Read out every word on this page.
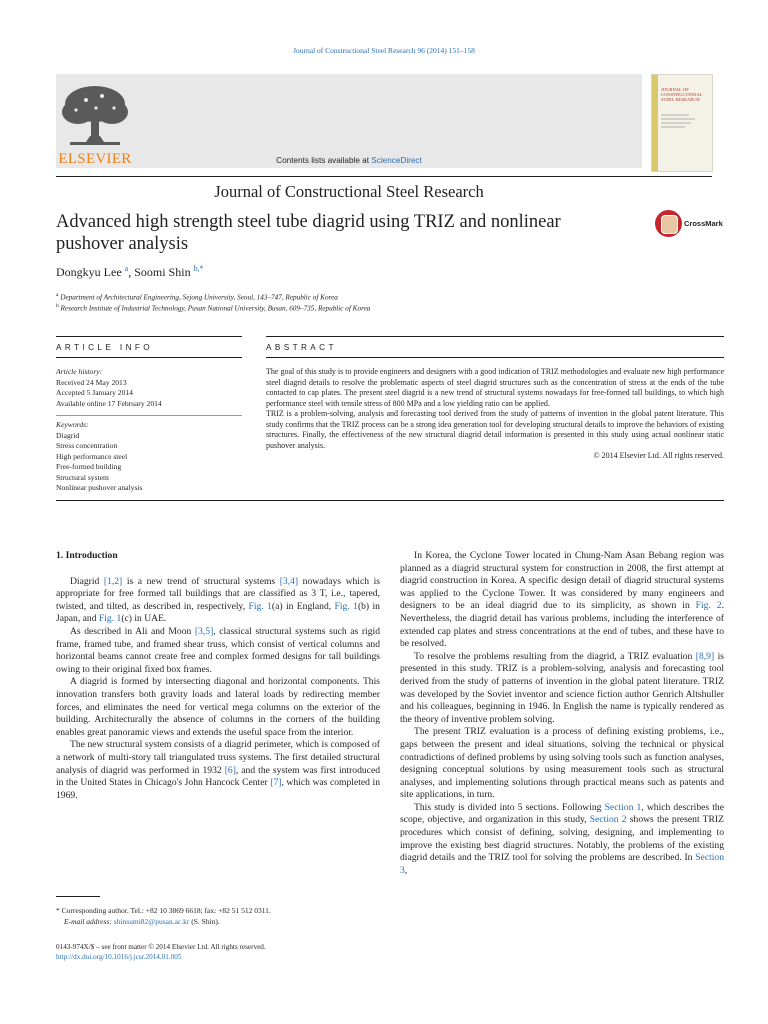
Journal of Constructional Steel Research 96 (2014) 151–158
Contents lists available at ScienceDirect
Journal of Constructional Steel Research
ELSEVIER
JOURNAL OF CONSTRUCTIONAL STEEL RESEARCH
Advanced high strength steel tube diagrid using TRIZ and nonlinear pushover analysis
CrossMark
Dongkyu Lee $^a$, Soomi Shin $^{b,*}$
$^a$ Department of Architectural Engineering, Sejong University, Seoul, 143–747, Republic of Korea
$^b$ Research Institute of Industrial Technology, Pusan National University, Busan, 609–735, Republic of Korea
ARTICLE INFO	ABSTRACT
Article history:
Received 24 May 2013
Accepted 5 January 2014
Available online 17 February 2014
Keywords:
Diagrid
Stress concentration
High performance steel
Free-formed building
Structural system
Nonlinear pushover analysis

The goal of this study is to provide engineers and designers with a good indication of TRIZ methodologies and evaluate new high performance steel diagrid details to resolve the problematic aspects of steel diagrid structures such as the concentration of stress at the ends of the tube contacted to cap plates. The present steel diagrid is a new trend of structural systems nowadays for free-formed tall buildings, to which high performance steel with tensile stress of 800 MPa and a low yielding ratio can be applied.

TRIZ is a problem-solving, analysis and forecasting tool derived from the study of patterns of invention in the global patent literature. This study confirms that the TRIZ process can be a strong idea generation tool for developing structural details to improve the behaviors of existing structures. Finally, the effectiveness of the new structural diagrid detail information is presented in this study using actual nonlinear static pushover analysis.

© 2014 Elsevier Ltd. All rights reserved.

1. Introduction

Diagrid [1,2] is a new trend of structural systems [3,4] nowadays which is appropriate for free formed tall buildings that are classified as 3 T, i.e., tapered, twisted, and tilted, as described in, respectively, Fig. 1(a) in England, Fig. 1(b) in Japan, and Fig. 1(c) in UAE.

As described in Ali and Moon [3,5], classical structural systems such as rigid frame, framed tube, and framed shear truss, which consist of vertical columns and horizontal beams cannot create free and complex formed designs for tall buildings owing to their original fixed box frames.

A diagrid is formed by intersecting diagonal and horizontal components. This innovation transfers both gravity loads and lateral loads by redirecting member forces, and eliminates the need for vertical mega columns on the exterior of the building. Architecturally the absence of columns in the corners of the building enables great panoramic views and extends the useful space from the interior.

The new structural system consists of a diagrid perimeter, which is composed of a network of multi-story tall triangulated truss systems. The first detailed structural analysis of diagrid was performed in 1932 [6], and the system was first introduced in the United States in Chicago's John Hancock Center [7], which was completed in 1969.

In Korea, the Cyclone Tower located in Chung-Nam Asan Bebang region was planned as a diagrid structural system for construction in 2008, the first attempt at diagrid construction in Korea. A specific design detail of diagrid structural systems was applied to the Cyclone Tower. It was considered by many engineers and designers to be an ideal diagrid due to its simplicity, as shown in Fig. 2. Nevertheless, the diagrid detail has various problems, including the interference of extended cap plates and stress concentrations at the end of tubes, and these have to be resolved.

To resolve the problems resulting from the diagrid, a TRIZ evaluation [8,9] is presented in this study. TRIZ is a problem-solving, analysis and forecasting tool derived from the study of patterns of invention in the global patent literature. TRIZ was developed by the Soviet inventor and science fiction author Genrich Altshuller and his colleagues, beginning in 1946. In English the name is typically rendered as the theory of inventive problem solving.

The present TRIZ evaluation is a process of defining existing problems, i.e., gaps between the present and ideal situations, solving the technical or physical contradictions of defined problems by using solving tools such as function analyses, designing conceptual solutions by using measurement tools such as structural analyses, and implementing solutions through practical means such as patents and site applications, in turn.

This study is divided into 5 sections. Following Section 1, which describes the scope, objective, and organization in this study, Section 2 shows the present TRIZ procedures which consist of defining, solving, designing, and implementing to improve the existing best diagrid structures. Notably, the problems of the existing diagrid details and the TRIZ tool for solving the problems are described. In Section 3,

* Corresponding author. Tel.: +82 10 3869 6618; fax: +82 51 512 0311.
E-mail address: shinsumi82@pusan.ac.kr (S. Shin).
0143-974X/$ – see front matter © 2014 Elsevier Ltd. All rights reserved.
http://dx.doi.org/10.1016/j.jcsr.2014.01.005
